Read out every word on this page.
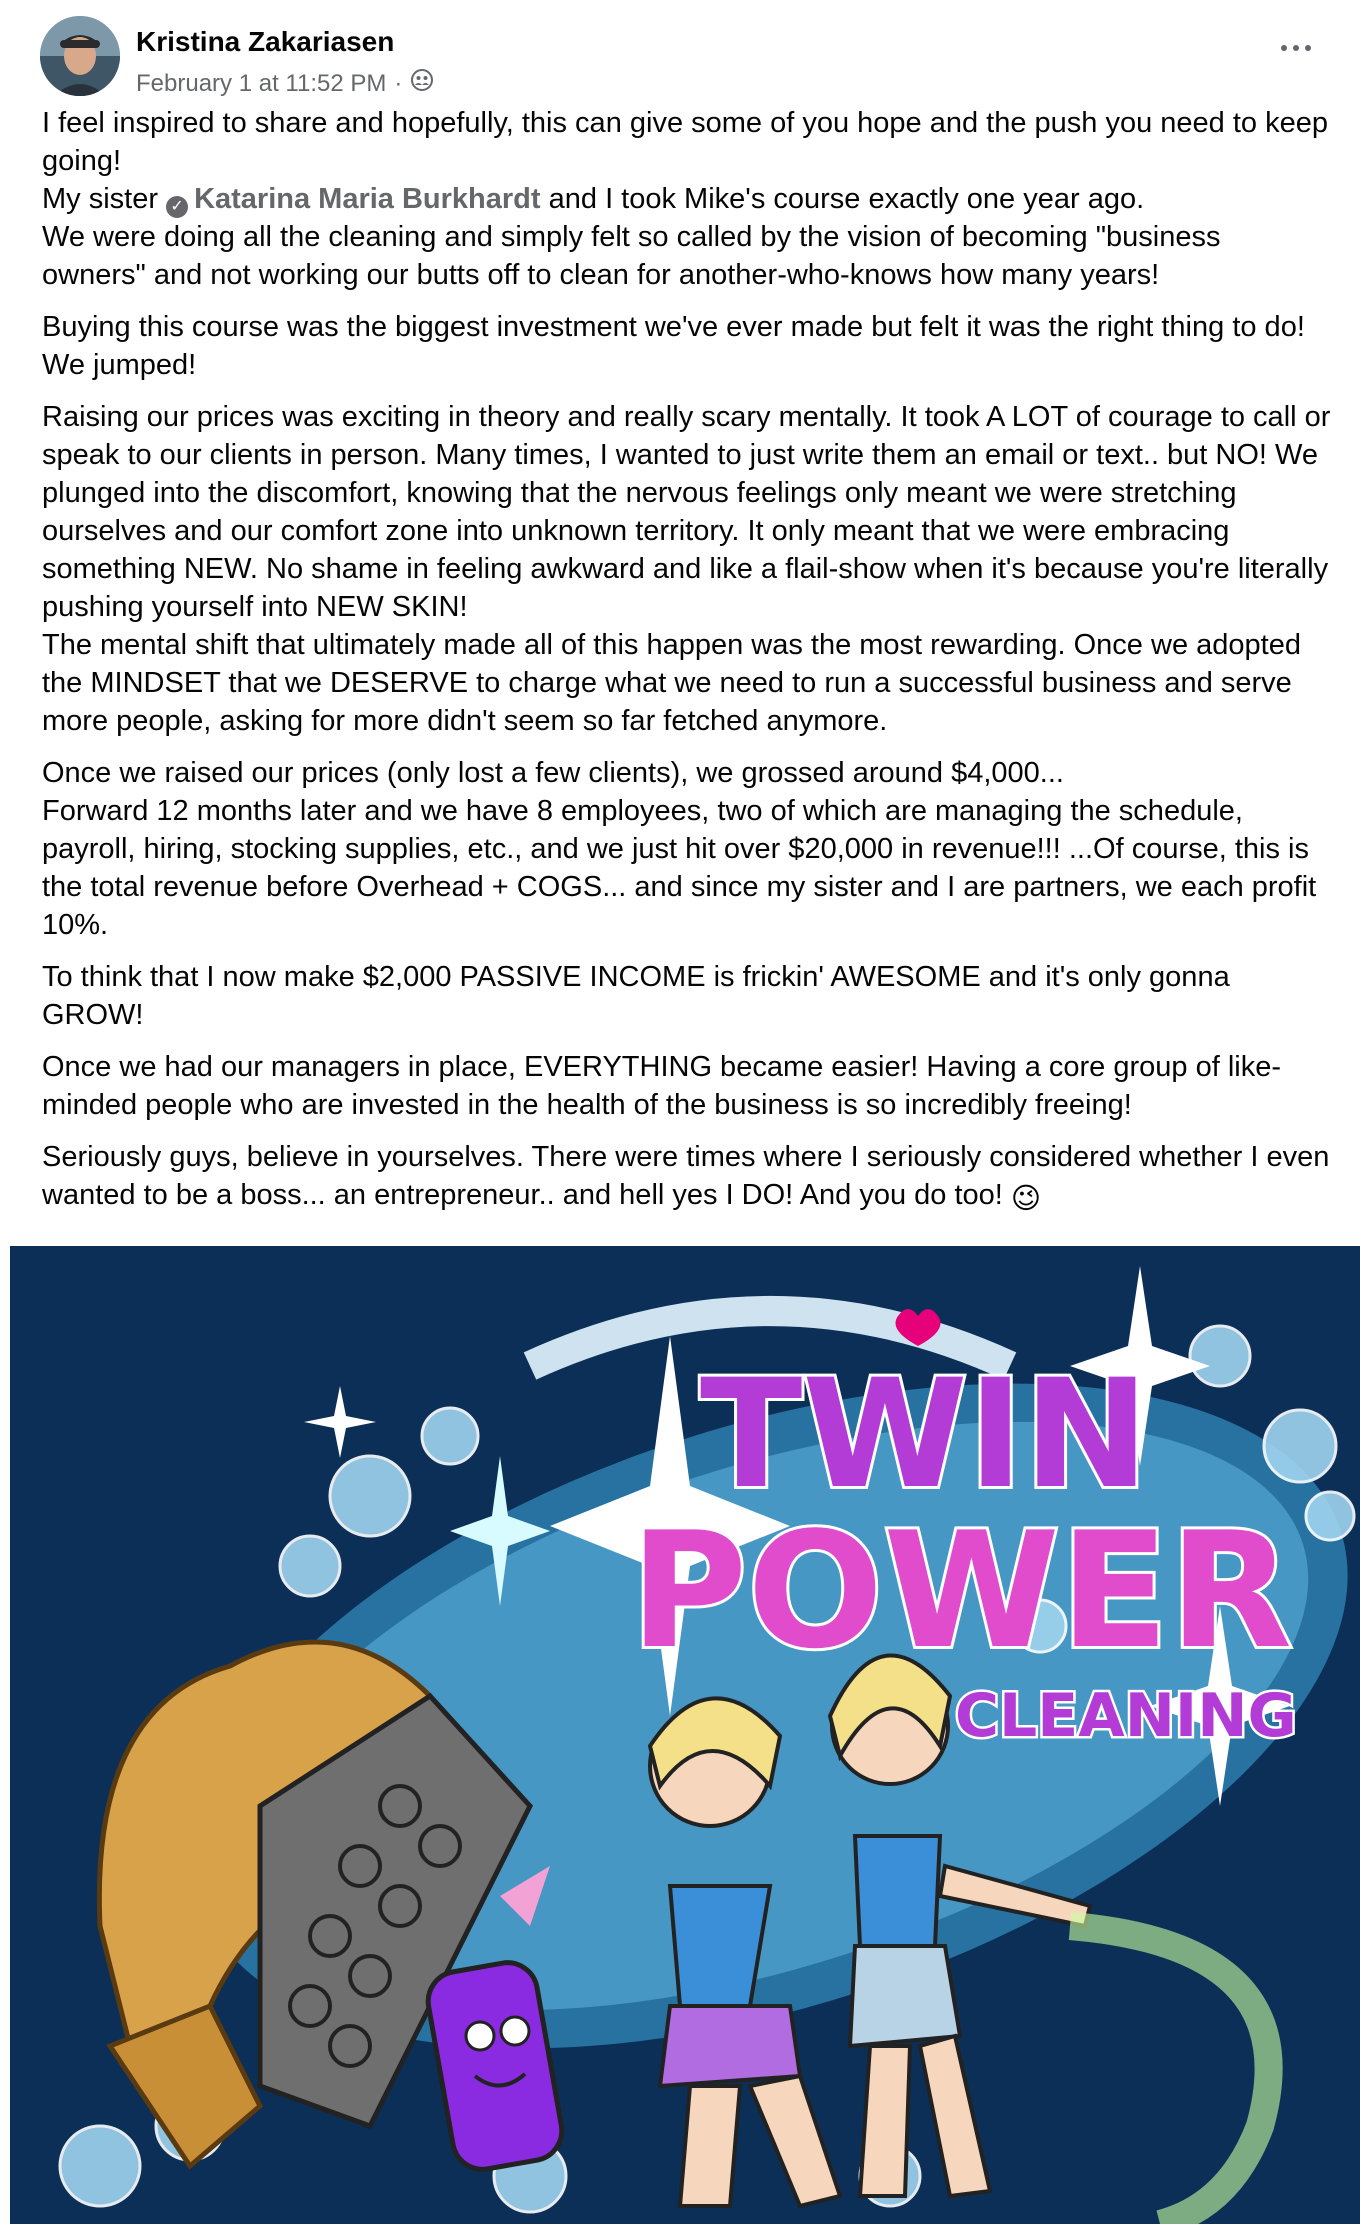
Kristina Zakariasen
February 1 at 11:52 PM ·

I feel inspired to share and hopefully, this can give some of you hope and the push you need to keep going!
My sister ✓ Katarina Maria Burkhardt and I took Mike's course exactly one year ago.
We were doing all the cleaning and simply felt so called by the vision of becoming "business owners" and not working our butts off to clean for another-who-knows how many years!

Buying this course was the biggest investment we've ever made but felt it was the right thing to do! We jumped!

Raising our prices was exciting in theory and really scary mentally. It took A LOT of courage to call or speak to our clients in person. Many times, I wanted to just write them an email or text.. but NO! We plunged into the discomfort, knowing that the nervous feelings only meant we were stretching ourselves and our comfort zone into unknown territory. It only meant that we were embracing something NEW. No shame in feeling awkward and like a flail-show when it's because you're literally pushing yourself into NEW SKIN!
The mental shift that ultimately made all of this happen was the most rewarding. Once we adopted the MINDSET that we DESERVE to charge what we need to run a successful business and serve more people, asking for more didn't seem so far fetched anymore.

Once we raised our prices (only lost a few clients), we grossed around $4,000...
Forward 12 months later and we have 8 employees, two of which are managing the schedule, payroll, hiring, stocking supplies, etc., and we just hit over $20,000 in revenue!!! ...Of course, this is the total revenue before Overhead + COGS... and since my sister and I are partners, we each profit 10%.

To think that I now make $2,000 PASSIVE INCOME is frickin' AWESOME and it's only gonna GROW!

Once we had our managers in place, EVERYTHING became easier! Having a core group of like-minded people who are invested in the health of the business is so incredibly freeing!

Seriously guys, believe in yourselves. There were times where I seriously considered whether I even wanted to be a boss... an entrepreneur.. and hell yes I DO! And you do too! 😉

TWIN
POWER
CLEANING
